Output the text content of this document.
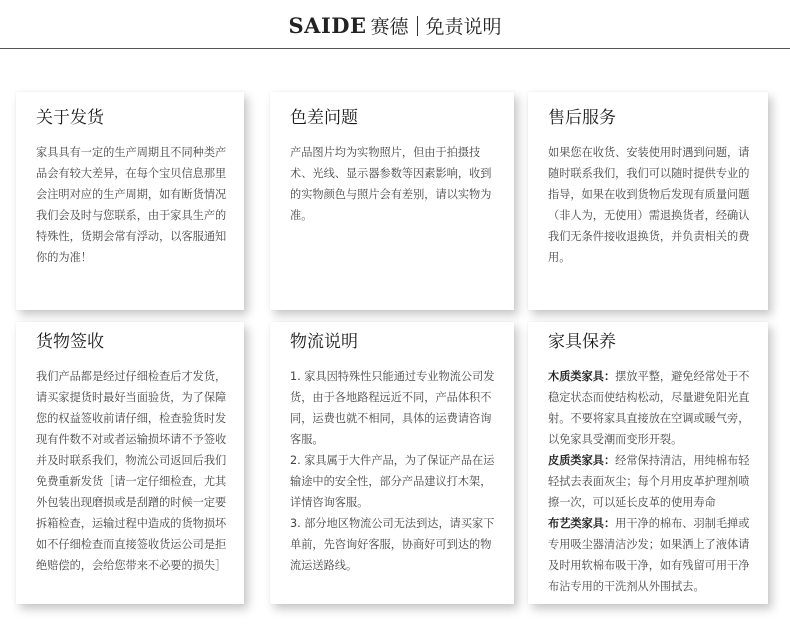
SAIDE 赛德 免责说明
关于发货
家具具有一定的生产周期且不同种类产品会有较大差异，在每个宝贝信息那里会注明对应的生产周期，如有断货情况我们会及时与您联系，由于家具生产的特殊性，货期会常有浮动，以客服通知你的为准！
色差问题
产品图片均为实物照片，但由于拍摄技术、光线、显示器参数等因素影响，收到的实物颜色与照片会有差别，请以实物为准。
售后服务
如果您在收货、安装使用时遇到问题，请随时联系我们，我们可以随时提供专业的指导，如果在收到货物后发现有质量问题（非人为，无使用）需退换货者，经确认我们无条件接收退换货，并负责相关的费用。
货物签收
我们产品都是经过仔细检查后才发货，请买家提货时最好当面验货，为了保障您的权益签收前请仔细，检查验货时发现有件数不对或者运输损坏请不予签收并及时联系我们，物流公司返回后我们免费重新发货［请一定仔细检查，尤其外包装出现磨损或是刮蹭的时候一定要拆箱检查，运输过程中造成的货物损坏如不仔细检查而直接签收货运公司是拒绝赔偿的，会给您带来不必要的损失］
物流说明

1. 家具因特殊性只能通过专业物流公司发货，由于各地路程远近不同，产品体积不同，运费也就不相同，具体的运费请咨询客服。

2. 家具属于大件产品，为了保证产品在运输途中的安全性，部分产品建议打木架，详情咨询客服。

3. 部分地区物流公司无法到达，请买家下单前，先咨询好客服，协商好可到达的物流运送路线。

家具保养

木质类家具：摆放平整，避免经常处于不稳定状态而使结构松动，尽量避免阳光直射。不要将家具直接放在空调或暖气旁，以免家具受潮而变形开裂。

皮质类家具：经常保持清洁，用纯棉布轻轻拭去表面灰尘；每个月用皮革护理剂喷擦一次，可以延长皮革的使用寿命

布艺类家具：用干净的棉布、羽制毛掸或专用吸尘器清洁沙发；如果洒上了液体请及时用软棉布吸干净，如有残留可用干净布沾专用的干洗剂从外围拭去。
